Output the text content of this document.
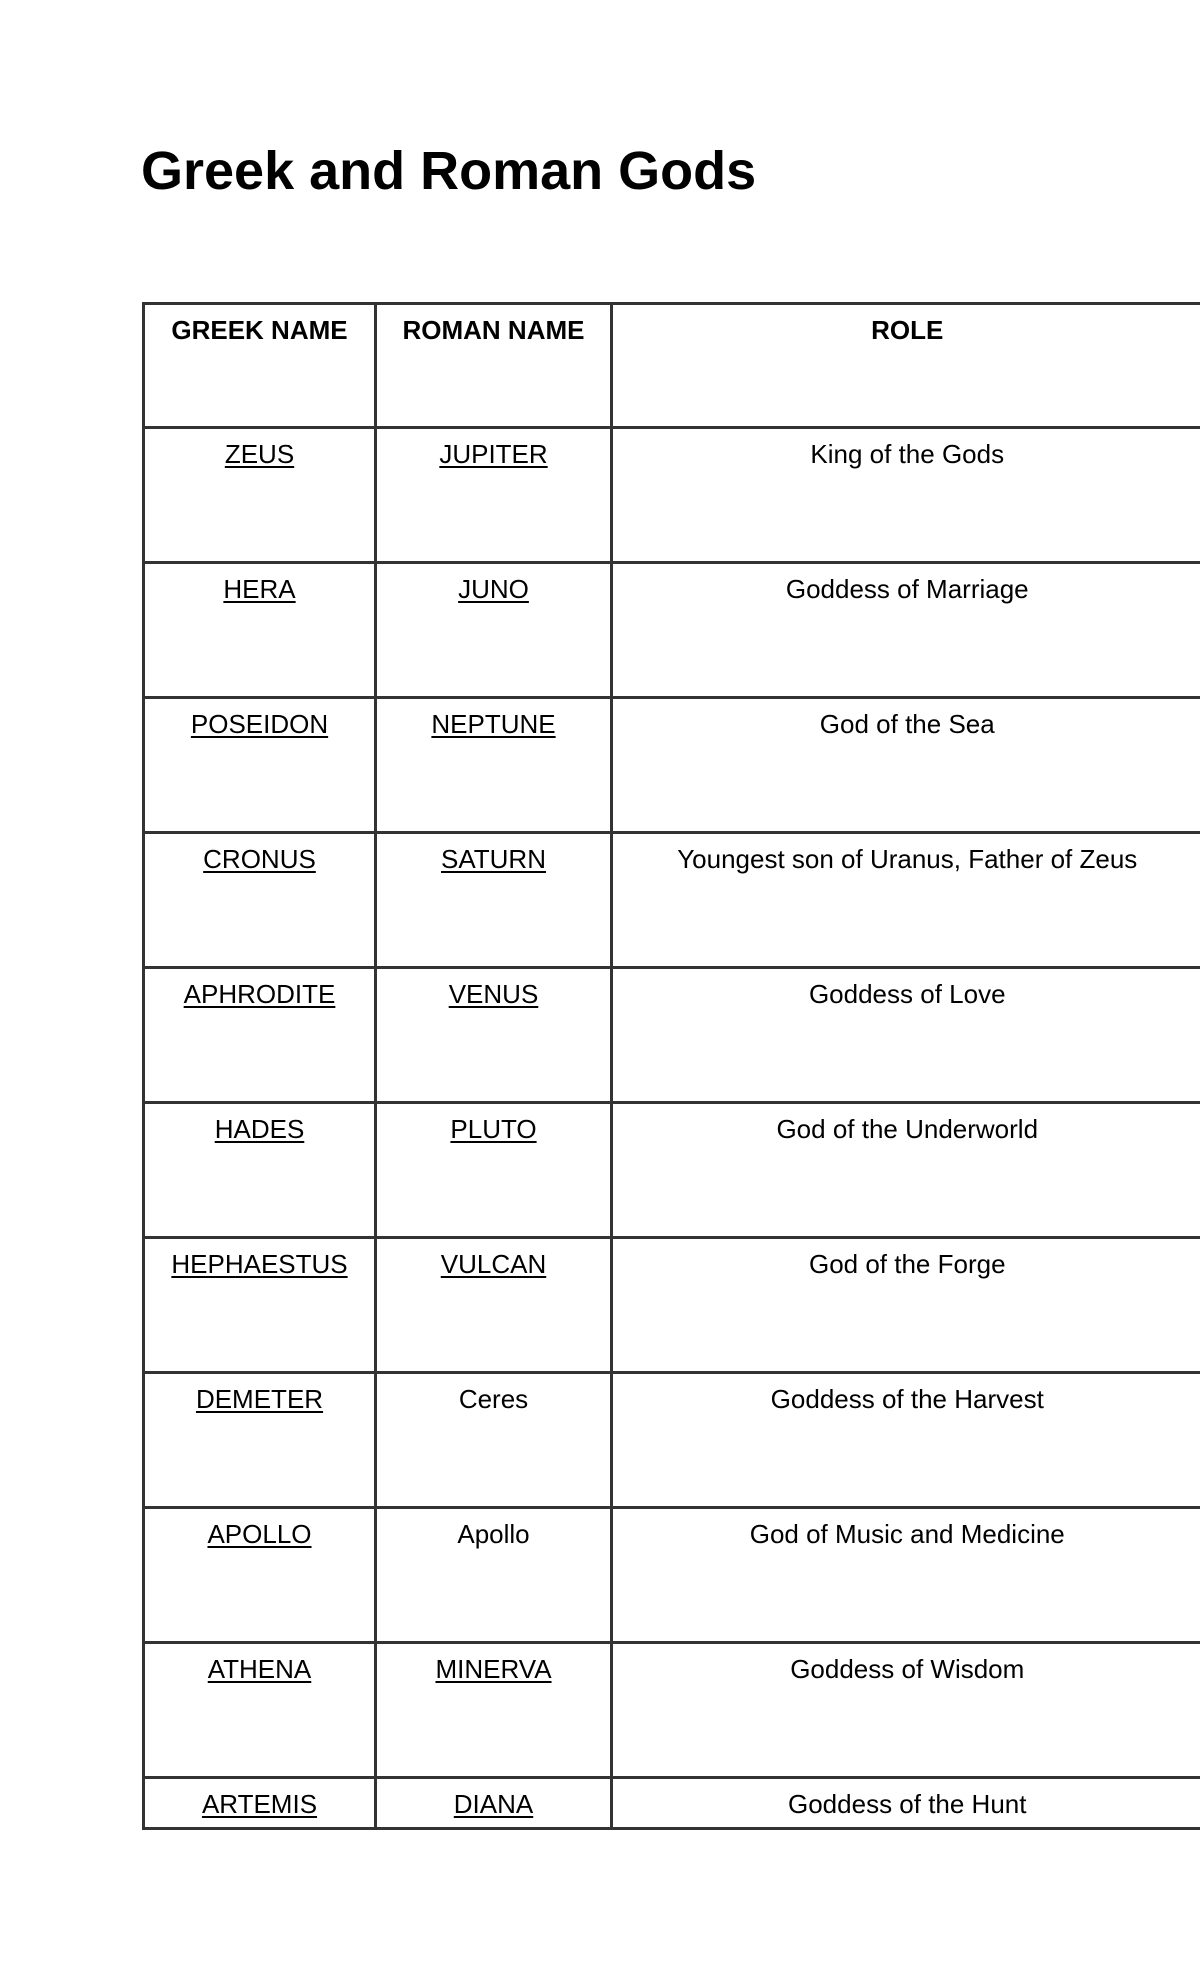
Greek and Roman Gods
GREEK NAME	ROMAN NAME	ROLE
ZEUS	JUPITER	King of the Gods
HERA	JUNO	Goddess of Marriage
POSEIDON	NEPTUNE	God of the Sea
CRONUS	SATURN	Youngest son of Uranus, Father of Zeus
APHRODITE	VENUS	Goddess of Love
HADES	PLUTO	God of the Underworld
HEPHAESTUS	VULCAN	God of the Forge
DEMETER	Ceres	Goddess of the Harvest
APOLLO	Apollo	God of Music and Medicine
ATHENA	MINERVA	Goddess of Wisdom
ARTEMIS	DIANA	Goddess of the Hunt
